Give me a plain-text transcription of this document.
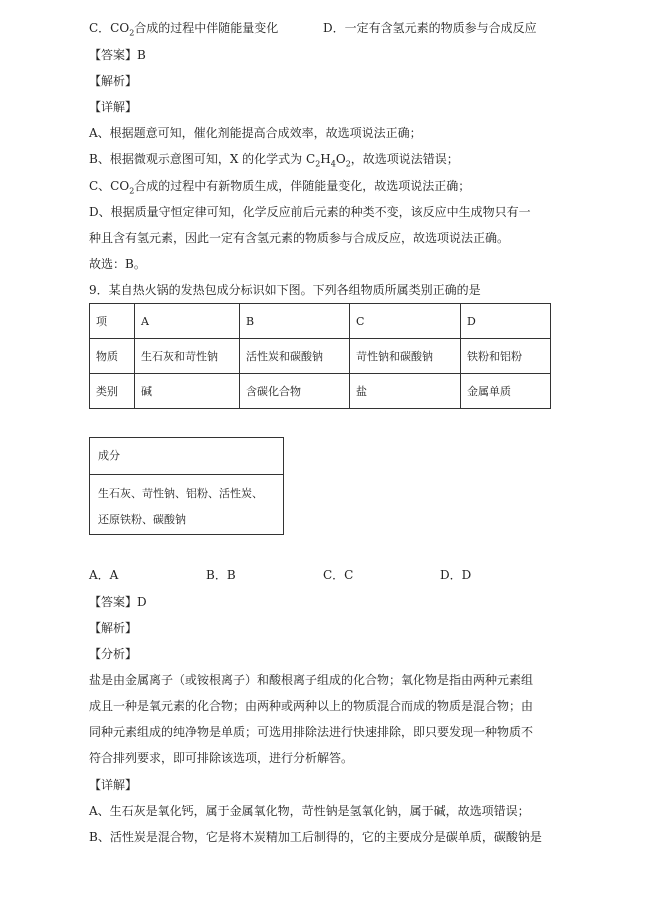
C．$CO_2$合成的过程中伴随能量变化	D．一定有含氢元素的物质参与合成反应
【答案】B
【解析】
【详解】
A、根据题意可知，催化剂能提高合成效率，故选项说法正确；
B、根据微观示意图可知，X 的化学式为 $C_2H_4O_2$，故选项说法错误；
C、$CO_2$合成的过程中有新物质生成，伴随能量变化，故选项说法正确；
D、根据质量守恒定律可知，化学反应前后元素的种类不变，该反应中生成物只有一
种且含有氢元素，因此一定有含氢元素的物质参与合成反应，故选项说法正确。
故选：B。
9．某自热火锅的发热包成分标识如下图。下列各组物质所属类别正确的是
项	A	B	C	D
物质	生石灰和苛性钠	活性炭和碳酸钠	苛性钠和碳酸钠	铁粉和铝粉
类别	碱	含碳化合物	盐	金属单质
成分
生石灰、苛性钠、铝粉、活性炭、
还原铁粉、碳酸钠
A．A	B．B	C．C	D．D
【答案】D
【解析】
【分析】
盐是由金属离子（或铵根离子）和酸根离子组成的化合物；氧化物是指由两种元素组
成且一种是氧元素的化合物；由两种或两种以上的物质混合而成的物质是混合物；由
同种元素组成的纯净物是单质；可选用排除法进行快速排除，即只要发现一种物质不
符合排列要求，即可排除该选项，进行分析解答。
【详解】
A、生石灰是氧化钙，属于金属氧化物，苛性钠是氢氧化钠，属于碱，故选项错误；
B、活性炭是混合物，它是将木炭精加工后制得的，它的主要成分是碳单质，碳酸钠是
